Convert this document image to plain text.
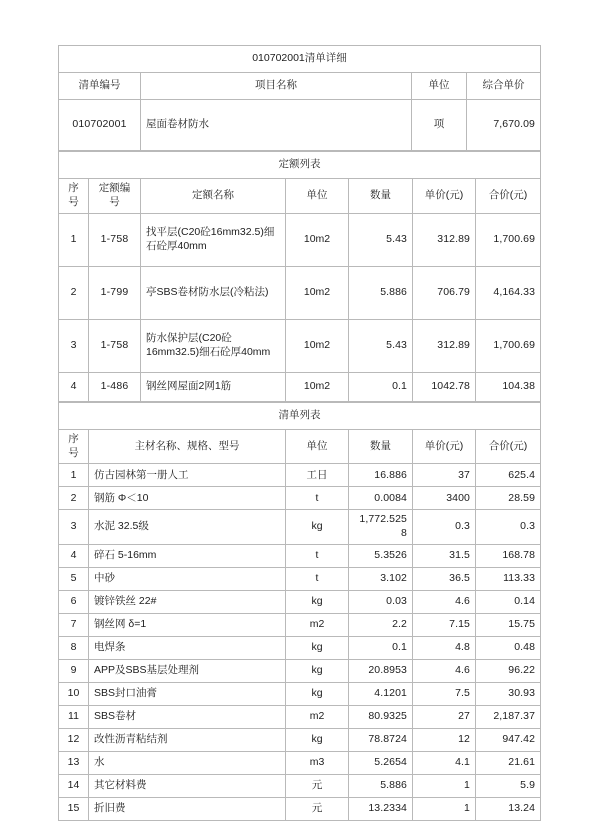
010702001清单详细			
清单编号	项目名称	单位	综合单价
010702001	屋面卷材防水	项	7,670.09
定额列表						
序号	定额编号	定额名称	单位	数量	单价(元)	合价(元)
1	1-758	找平层(C20砼16mm32.5)细石砼厚40mm	10m2	5.43	312.89	1,700.69
2	1-799	亭SBS卷材防水层(冷粘法)	10m2	5.886	706.79	4,164.33
3	1-758	防水保护层(C20砼16mm32.5)细石砼厚40mm	10m2	5.43	312.89	1,700.69
4	1-486	钢丝网屋面2网1筋	10m2	0.1	1042.78	104.38
清单列表					
序号	主材名称、规格、型号	单位	数量	单价(元)	合价(元)
1	仿古园林第一册人工	工日	16.886	37	625.4
2	钢筋 Φ＜10	t	0.0084	3400	28.59
3	水泥 32.5级	kg	1,772.5258	0.3	0.3
4	碎石 5-16mm	t	5.3526	31.5	168.78
5	中砂	t	3.102	36.5	113.33
6	镀锌铁丝 22#	kg	0.03	4.6	0.14
7	钢丝网 δ=1	m2	2.2	7.15	15.75
8	电焊条	kg	0.1	4.8	0.48
9	APP及SBS基层处理剂	kg	20.8953	4.6	96.22
10	SBS封口油膏	kg	4.1201	7.5	30.93
11	SBS卷材	m2	80.9325	27	2,187.37
12	改性沥青粘结剂	kg	78.8724	12	947.42
13	水	m3	5.2654	4.1	21.61
14	其它材料费	元	5.886	1	5.9
15	折旧费	元	13.2334	1	13.24
